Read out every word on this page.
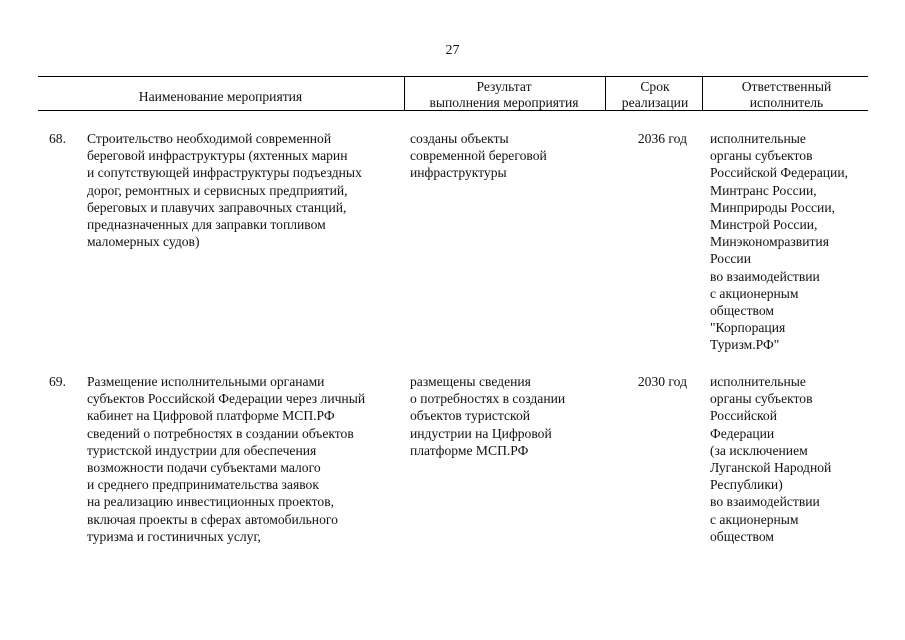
27
Наименование мероприятия
Результат
выполнения мероприятия
Срок
реализации
Ответственный
исполнитель
68.	Строительство необходимой современной
береговой инфраструктуры (яхтенных марин
и сопутствующей инфраструктуры подъездных
дорог, ремонтных и сервисных предприятий,
береговых и плавучих заправочных станций,
предназначенных для заправки топливом
маломерных судов)
созданы объекты
современной береговой
инфраструктуры
2036 год исполнительные
органы субъектов
Российской Федерации,
Минтранс России,
Минприроды России,
Минстрой России,
Минэкономразвития
России
во взаимодействии
с акционерным
обществом
"Корпорация
Туризм.РФ"
69.	Размещение исполнительными органами
субъектов Российской Федерации через личный
кабинет на Цифровой платформе МСП.РФ
сведений о потребностях в создании объектов
туристской индустрии для обеспечения
возможности подачи субъектами малого
и среднего предпринимательства заявок
на реализацию инвестиционных проектов,
включая проекты в сферах автомобильного
туризма и гостиничных услуг,
размещены сведения
о потребностях в создании
объектов туристской
индустрии на Цифровой
платформе МСП.РФ
2030 год исполнительные
органы субъектов
Российской
Федерации
(за исключением
Луганской Народной
Республики)
во взаимодействии
с акционерным
обществом
